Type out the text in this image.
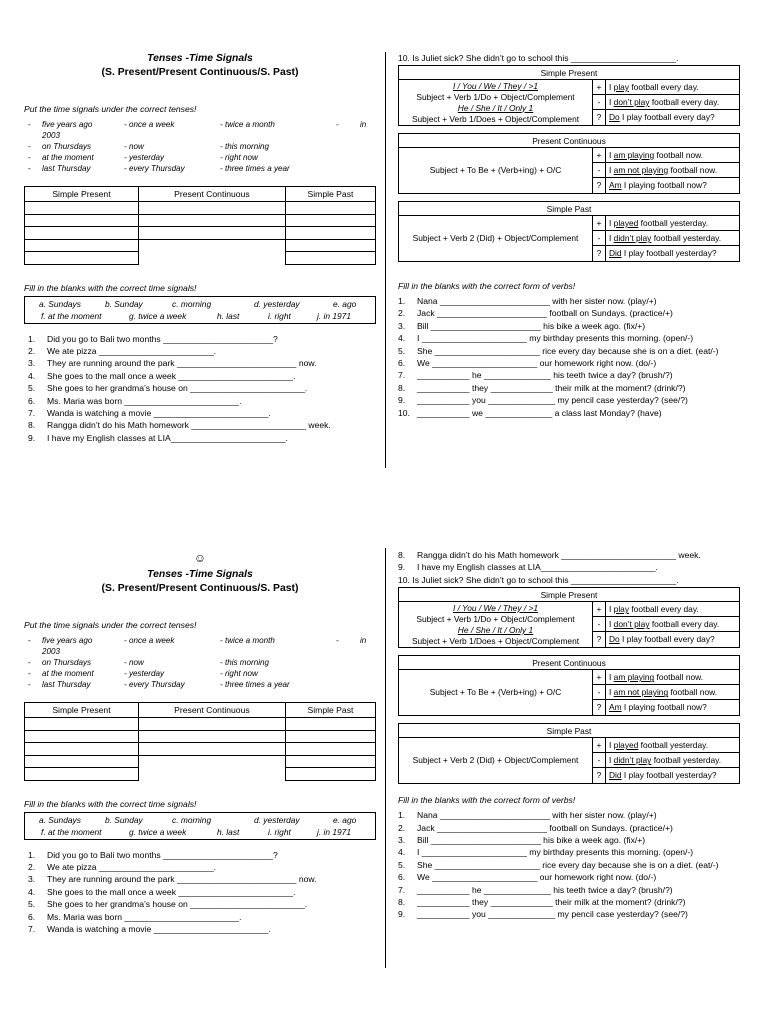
Tenses -Time Signals
(S. Present/Present Continuous/S. Past)
Put the time signals under the correct tenses!
- five years ago	- once a week	- twice a month	-	in
2003
- on Thursdays	- now	- this morning
- at the moment	- yesterday	- right now
- last Thursday	- every Thursday	- three times a year
Simple Present	Present Continuous	Simple Past

Fill in the blanks with the correct time signals!
a. Sundays	b. Sunday	c. morning	d. yesterday	e. ago
f. at the moment	g. twice a week	h. last	i. right	j. in 1971
1. Did you go to Bali two months _______________________?
2. We ate pizza ________________________.
3. They are running around the park _________________________ now.
4. She goes to the mall once a week ________________________.
5. She goes to her grandma’s house on ________________________.
6. Ms. Maria was born ________________________.
7. Wanda is watching a movie ________________________.
8. Rangga didn’t do his Math homework ________________________ week.
9. I have my English classes at LIA________________________.
10. Is Juliet sick? She didn’t go to school this ______________________.
Simple Present
I / You / We / They / >1
Subject + Verb 1/Do + Object/Complement
He / She / It / Only 1
Subject + Verb 1/Does + Object/Complement
+ I play football every day.
-	I don’t play football every day.
? Do I play football every day?
Present Continuous
Subject + To Be + (Verb+ing) + O/C
+ I am playing football now.
-	I am not playing football now.
? Am I playing football now?
Simple Past
Subject + Verb 2 (Did) + Object/Complement
+ I played football yesterday.
-	I didn’t play football yesterday.
? Did I play football yesterday?
Fill in the blanks with the correct form of verbs!
1. Nana _______________________ with her sister now. (play/+)
2. Jack _______________________ football on Sundays. (practice/+)
3. Bill _______________________ his bike a week ago. (fix/+)
4. I ______________________ my birthday presents this morning. (open/-)
5. She ______________________ rice every day because she is on a diet. (eat/-)
6. We ______________________ our homework right now. (do/-)
7. ___________ he ______________ his teeth twice a day? (brush/?)
8. ___________ they _____________ their milk at the moment? (drink/?)
9. ___________ you ______________ my pencil case yesterday? (see/?)
10. ___________ we ______________ a class last Monday? (have)
☺
Tenses -Time Signals
(S. Present/Present Continuous/S. Past)
Put the time signals under the correct tenses!
- five years ago	- once a week	- twice a month	-	in
2003
- on Thursdays	- now	- this morning
- at the moment	- yesterday	- right now
- last Thursday	- every Thursday	- three times a year
Simple Present	Present Continuous	Simple Past

Fill in the blanks with the correct time signals!
a. Sundays	b. Sunday	c. morning	d. yesterday	e. ago
f. at the moment	g. twice a week	h. last	i. right	j. in 1971
1. Did you go to Bali two months _______________________?
2. We ate pizza ________________________.
3. They are running around the park _________________________ now.
4. She goes to the mall once a week ________________________.
5. She goes to her grandma’s house on ________________________.
6. Ms. Maria was born ________________________.
7. Wanda is watching a movie ________________________.
8. Rangga didn’t do his Math homework ________________________ week.
9. I have my English classes at LIA________________________.
10. Is Juliet sick? She didn’t go to school this ______________________.
Simple Present
I / You / We / They / >1
Subject + Verb 1/Do + Object/Complement
He / She / It / Only 1
Subject + Verb 1/Does + Object/Complement
+ I play football every day.
-	I don’t play football every day.
? Do I play football every day?
Present Continuous
Subject + To Be + (Verb+ing) + O/C
+ I am playing football now.
-	I am not playing football now.
? Am I playing football now?
Simple Past
Subject + Verb 2 (Did) + Object/Complement
+ I played football yesterday.
-	I didn’t play football yesterday.
? Did I play football yesterday?
Fill in the blanks with the correct form of verbs!
1. Nana _______________________ with her sister now. (play/+)
2. Jack _______________________ football on Sundays. (practice/+)
3. Bill _______________________ his bike a week ago. (fix/+)
4. I ______________________ my birthday presents this morning. (open/-)
5. She ______________________ rice every day because she is on a diet. (eat/-)
6. We ______________________ our homework right now. (do/-)
7. ___________ he ______________ his teeth twice a day? (brush/?)
8. ___________ they _____________ their milk at the moment? (drink/?)
9. ___________ you ______________ my pencil case yesterday? (see/?)
